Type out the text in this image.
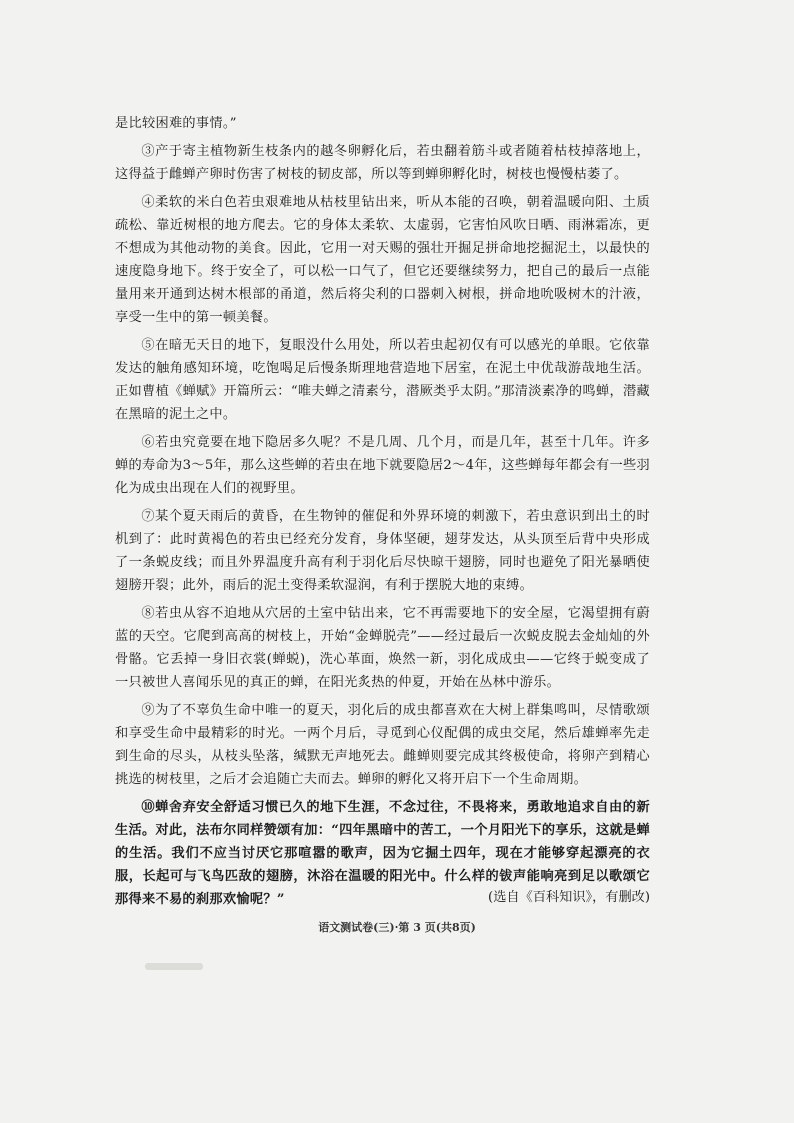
是比较困难的事情。”

③产于寄主植物新生枝条内的越冬卵孵化后，若虫翻着筋斗或者随着枯枝掉落地上，这得益于雌蝉产卵时伤害了树枝的韧皮部，所以等到蝉卵孵化时，树枝也慢慢枯萎了。

④柔软的米白色若虫艰难地从枯枝里钻出来，听从本能的召唤，朝着温暖向阳、土质疏松、靠近树根的地方爬去。它的身体太柔软、太虚弱，它害怕风吹日晒、雨淋霜冻，更不想成为其他动物的美食。因此，它用一对天赐的强壮开掘足拼命地挖掘泥土，以最快的速度隐身地下。终于安全了，可以松一口气了，但它还要继续努力，把自己的最后一点能量用来开通到达树木根部的甬道，然后将尖利的口器刺入树根，拼命地吮吸树木的汁液，享受一生中的第一顿美餐。

⑤在暗无天日的地下，复眼没什么用处，所以若虫起初仅有可以感光的单眼。它依靠发达的触角感知环境，吃饱喝足后慢条斯理地营造地下居室，在泥土中优哉游哉地生活。正如曹植《蝉赋》开篇所云：“唯夫蝉之清素兮，潜厥类乎太阴。”那清淡素净的鸣蝉，潜藏在黑暗的泥土之中。

⑥若虫究竟要在地下隐居多久呢？不是几周、几个月，而是几年，甚至十几年。许多蝉的寿命为3～5年，那么这些蝉的若虫在地下就要隐居2～4年，这些蝉每年都会有一些羽化为成虫出现在人们的视野里。

⑦某个夏天雨后的黄昏，在生物钟的催促和外界环境的刺激下，若虫意识到出土的时机到了：此时黄褐色的若虫已经充分发育，身体坚硬，翅芽发达，从头顶至后背中央形成了一条蜕皮线；而且外界温度升高有利于羽化后尽快晾干翅膀，同时也避免了阳光暴晒使翅膀开裂；此外，雨后的泥土变得柔软湿润，有利于摆脱大地的束缚。

⑧若虫从容不迫地从穴居的土室中钻出来，它不再需要地下的安全屋，它渴望拥有蔚蓝的天空。它爬到高高的树枝上，开始“金蝉脱壳”——经过最后一次蜕皮脱去金灿灿的外骨骼。它丢掉一身旧衣裳(蝉蜕)，洗心革面，焕然一新，羽化成成虫——它终于蜕变成了一只被世人喜闻乐见的真正的蝉，在阳光炙热的仲夏，开始在丛林中游乐。

⑨为了不辜负生命中唯一的夏天，羽化后的成虫都喜欢在大树上群集鸣叫，尽情歌颂和享受生命中最精彩的时光。一两个月后，寻觅到心仪配偶的成虫交尾，然后雄蝉率先走到生命的尽头，从枝头坠落，缄默无声地死去。雌蝉则要完成其终极使命，将卵产到精心挑选的树枝里，之后才会追随亡夫而去。蝉卵的孵化又将开启下一个生命周期。

⑩蝉舍弃安全舒适习惯已久的地下生涯，不念过往，不畏将来，勇敢地追求自由的新生活。对此，法布尔同样赞颂有加：“四年黑暗中的苦工，一个月阳光下的享乐，这就是蝉的生活。我们不应当讨厌它那喧嚣的歌声，因为它掘土四年，现在才能够穿起漂亮的衣服，长起可与飞鸟匹敌的翅膀，沐浴在温暖的阳光中。什么样的钹声能响亮到足以歌颂它那得来不易的刹那欢愉呢？”	(选自《百科知识》，有删改)
语文测试卷(三)·第 3 页(共8页)
